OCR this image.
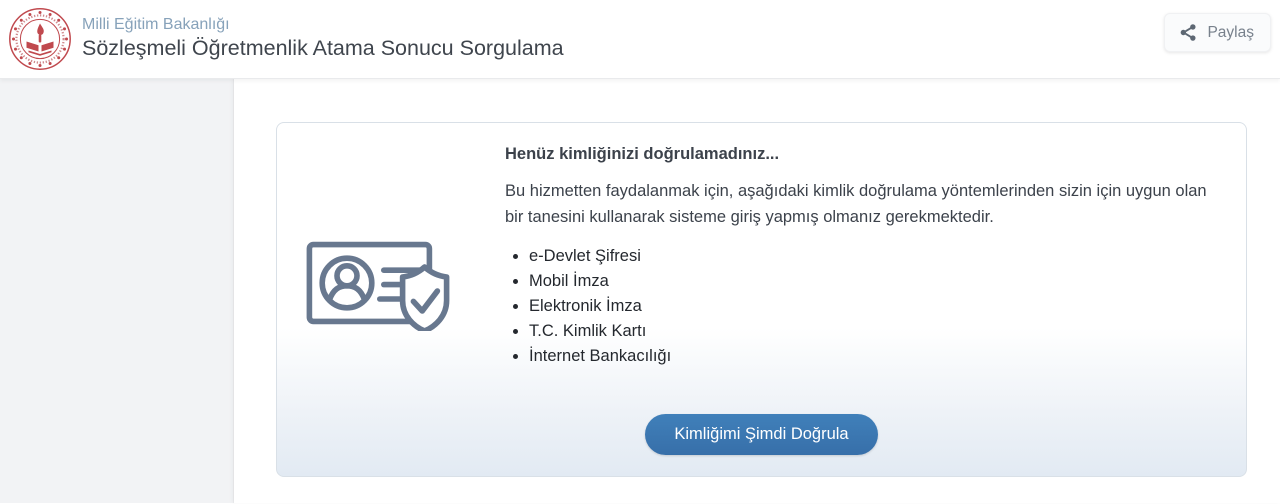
Milli Eğitim Bakanlığı
Sözleşmeli Öğretmenlik Atama Sonucu Sorgulama
Paylaş
Henüz kimliğinizi doğrulamadınız...

Bu hizmetten faydalanmak için, aşağıdaki kimlik doğrulama yöntemlerinden sizin için uygun olan bir tanesini kullanarak sisteme giriş yapmış olmanız gerekmektedir.

• e-Devlet Şifresi
• Mobil İmza
• Elektronik İmza
• T.C. Kimlik Kartı
• İnternet Bankacılığı
Kimliğimi Şimdi Doğrula
